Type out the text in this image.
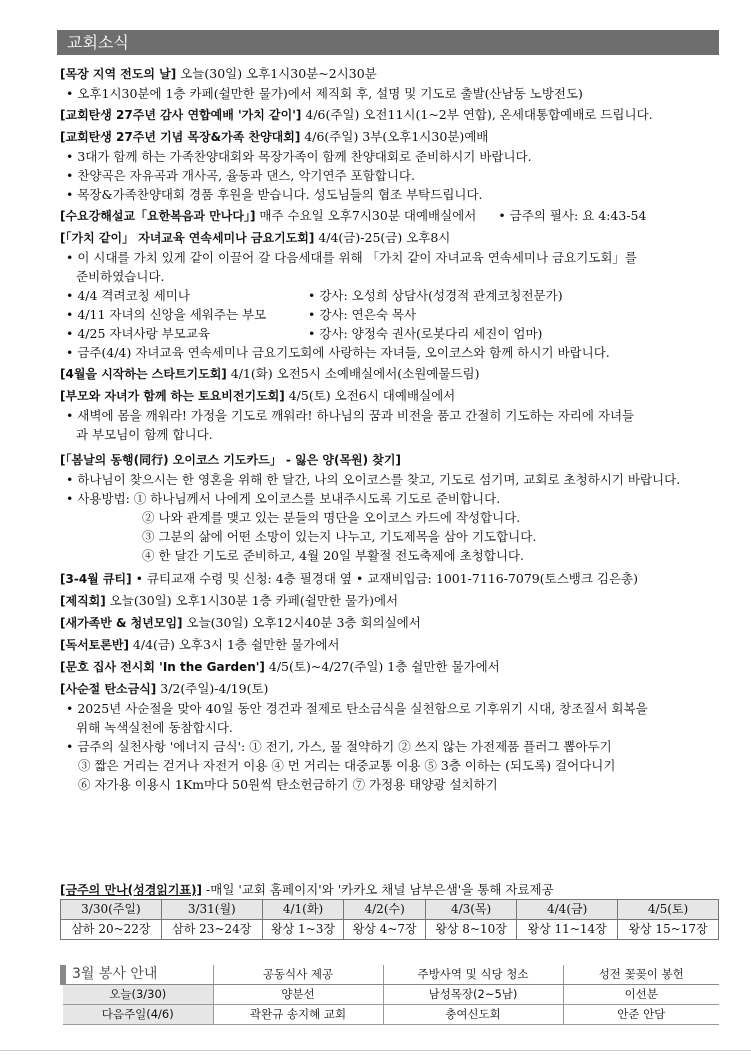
교회소식
[목장 지역 전도의 날] 오늘(30일) 오후1시30분~2시30분
• 오후1시30분에 1층 카페(쉴만한 물가)에서 제직회 후, 설명 및 기도로 출발(산남동 노방전도)
[교회탄생 27주년 감사 연합예배 '가치 같이'] 4/6(주일) 오전11시(1~2부 연합), 온세대통합예배로 드립니다.
[교회탄생 27주년 기념 목장&가족 찬양대회] 4/6(주일) 3부(오후1시30분)예배
• 3대가 함께 하는 가족찬양대회와 목장가족이 함께 찬양대회로 준비하시기 바랍니다.
• 찬양곡은 자유곡과 개사곡, 율동과 댄스, 악기연주 포함합니다.
• 목장&가족찬양대회 경품 후원을 받습니다. 성도님들의 협조 부탁드립니다.
[수요강해설교「요한복음과 만나다」] 매주 수요일 오후7시30분 대예배실에서 • 금주의 필사: 요 4:43-54
[「가치 같이」 자녀교육 연속세미나 금요기도회] 4/4(금)-25(금) 오후8시
• 이 시대를 가치 있게 같이 이끌어 갈 다음세대를 위해 「가치 같이 자녀교육 연속세미나 금요기도회」를
준비하였습니다.
• 4/4 격려코칭 세미나	• 강사: 오성희 상담사(성경적 관계코칭전문가)
• 4/11 자녀의 신앙을 세워주는 부모	• 강사: 연은숙 목사
• 4/25 자녀사랑 부모교육	• 강사: 양정숙 권사(로봇다리 세진이 엄마)
• 금주(4/4) 자녀교육 연속세미나 금요기도회에 사랑하는 자녀들, 오이코스와 함께 하시기 바랍니다.
[4월을 시작하는 스타트기도회] 4/1(화) 오전5시 소예배실에서(소원예물드림)
[부모와 자녀가 함께 하는 토요비전기도회] 4/5(토) 오전6시 대예배실에서
• 새벽에 몸을 깨워라! 가정을 기도로 깨워라! 하나님의 꿈과 비전을 품고 간절히 기도하는 자리에 자녀들
과 부모님이 함께 합니다.
[「봄날의 동행(同行) 오이코스 기도카드」 - 잃은 양(목원) 찾기]
• 하나님이 찾으시는 한 영혼을 위해 한 달간, 나의 오이코스를 찾고, 기도로 섬기며, 교회로 초청하시기 바랍니다.
• 사용방법: ① 하나님께서 나에게 오이코스를 보내주시도록 기도로 준비합니다.
② 나와 관계를 맺고 있는 분들의 명단을 오이코스 카드에 작성합니다.
③ 그분의 삶에 어떤 소망이 있는지 나누고, 기도제목을 삼아 기도합니다.
④ 한 달간 기도로 준비하고, 4월 20일 부활절 전도축제에 초청합니다.
[3-4월 큐티] • 큐티교재 수령 및 신청: 4층 필경대 옆 • 교재비입금: 1001-7116-7079(토스뱅크 김은총)
[제직회] 오늘(30일) 오후1시30분 1층 카페(쉴만한 물가)에서
[새가족반 & 청년모임] 오늘(30일) 오후12시40분 3층 회의실에서
[독서토론반] 4/4(금) 오후3시 1층 쉴만한 물가에서
[문호 집사 전시회 'In the Garden'] 4/5(토)~4/27(주일) 1층 쉴만한 물가에서
[사순절 탄소금식] 3/2(주일)-4/19(토)
• 2025년 사순절을 맞아 40일 동안 경건과 절제로 탄소금식을 실천함으로 기후위기 시대, 창조질서 회복을
위해 녹색실천에 동참합시다.
• 금주의 실천사항 '에너지 금식': ① 전기, 가스, 물 절약하기 ② 쓰지 않는 가전제품 플러그 뽑아두기
③ 짧은 거리는 걷거나 자전거 이용 ④ 먼 거리는 대중교통 이용 ⑤ 3층 이하는 (되도록) 걸어다니기
⑥ 자가용 이용시 1Km마다 50원씩 탄소헌금하기 ⑦ 가정용 태양광 설치하기
[금주의 만나(성경읽기표)] -매일 '교회 홈페이지'와 '카카오 채널 남부은샘'을 통해 자료제공
3/30(주일)	3/31(월)	4/1(화)	4/2(수)	4/3(목)	4/4(금)	4/5(토)
삼하 20~22장	삼하 23~24장	왕상 1~3장	왕상 4~7장	왕상 8~10장	왕상 11~14장	왕상 15~17장
3월 봉사 안내	공동식사 제공	주방사역 및 식당 청소	성전 꽃꽂이 봉헌
오늘(3/30)	양분선	남성목장(2~5남)	이선분
다음주일(4/6)	곽완규 송지혜 교회	충여신도회	안준 안담
